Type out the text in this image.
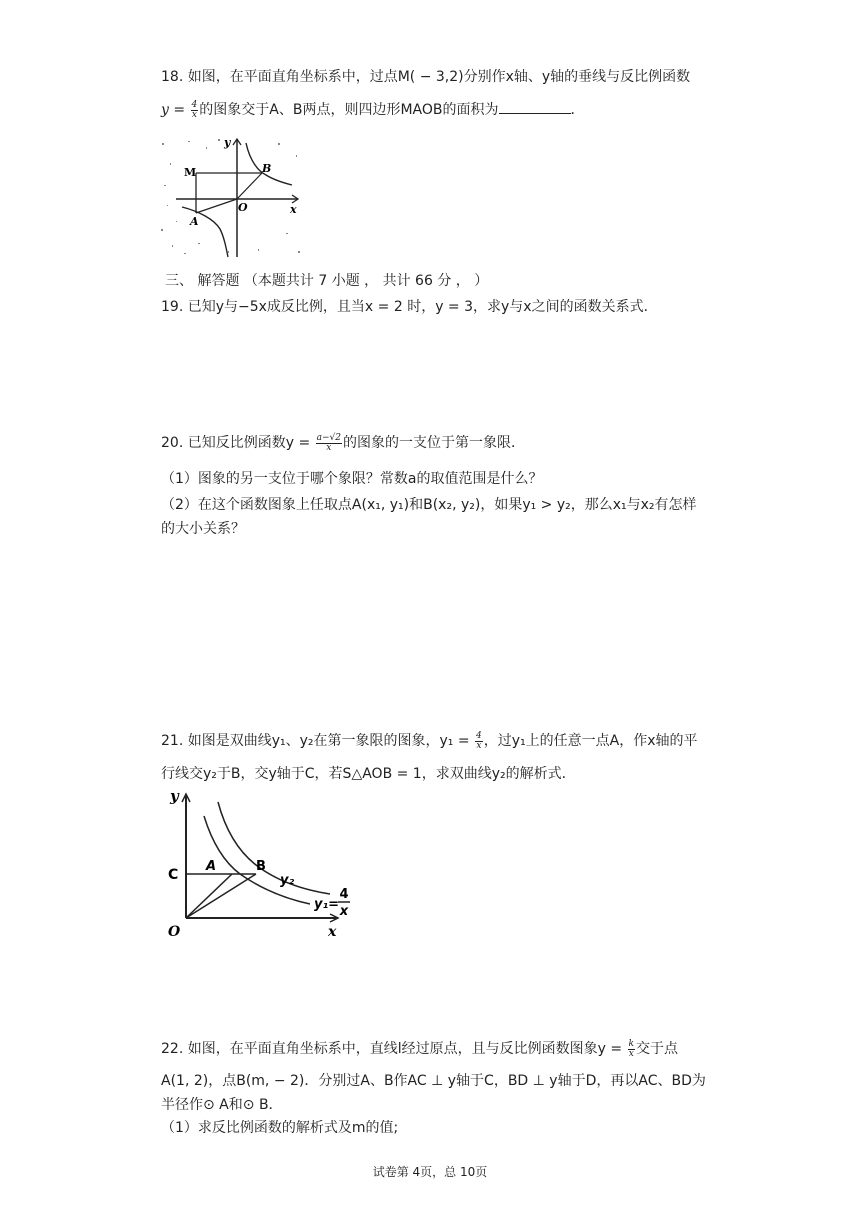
18. 如图，在平面直角坐标系中，过点M( − 3,2)分别作x轴、y轴的垂线与反比例函数
$y = \frac{4}{x}$ 的图象交于A、B两点，则四边形MAOB的面积为	．
y
x
M	B
O
A
三、 解答题 （本题共计 7 小题 ， 共计 66 分 ， ）
19. 已知y与−5x成反比例，且当x = 2 时，y = 3，求y与x之间的函数关系式．
20. 已知反比例函数$y = \frac{a-√2}{x}$ 的图象的一支位于第一象限．
（1）图象的另一支位于哪个象限？常数a的取值范围是什么？
（2）在这个函数图象上任取点A(x₁, y₁)和B(x₂, y₂)，如果y₁ > y₂，那么x₁与x₂有怎样
的大小关系？
21. 如图是双曲线y₁、y₂在第一象限的图象，$y_1 = \frac{4}{x}$ ，过y₁上的任意一点A，作x轴的平
行线交y₂于B，交y轴于C，若S△AOB = 1，求双曲线y₂的解析式．
y
x
C
A	B
O
y₂
y₁=
4
x
22. 如图，在平面直角坐标系中，直线l经过原点，且与反比例函数图象$y = \frac{k}{x}$ 交于点
A(1, 2)，点B(m, − 2)．分别过A、B作AC ⊥ y轴于C，BD ⊥ y轴于D，再以AC、BD为
半径作⊙ A和⊙ B．
（1）求反比例函数的解析式及m的值;
试卷第 4页，总 10页
